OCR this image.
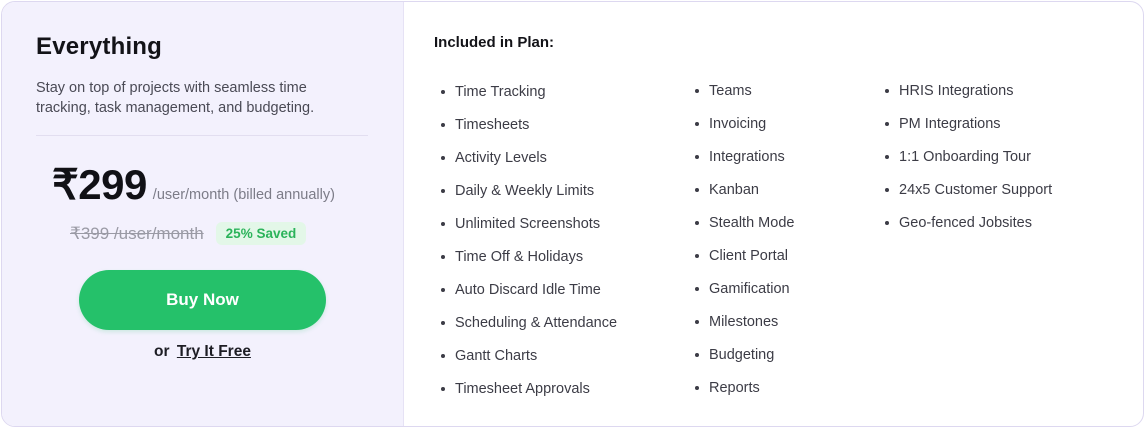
Everything
Stay on top of projects with seamless time tracking, task management, and budgeting.
₹299 /user/month (billed annually)
₹399 /user/month	25% Saved
Buy Now
or Try It Free
Included in Plan:
Time Tracking
Timesheets
Activity Levels
Daily & Weekly Limits
Unlimited Screenshots
Time Off & Holidays
Auto Discard Idle Time
Scheduling & Attendance
Gantt Charts
Timesheet Approvals
Teams
Invoicing
Integrations
Kanban
Stealth Mode
Client Portal
Gamification
Milestones
Budgeting
Reports
HRIS Integrations
PM Integrations
1:1 Onboarding Tour
24x5 Customer Support
Geo-fenced Jobsites
